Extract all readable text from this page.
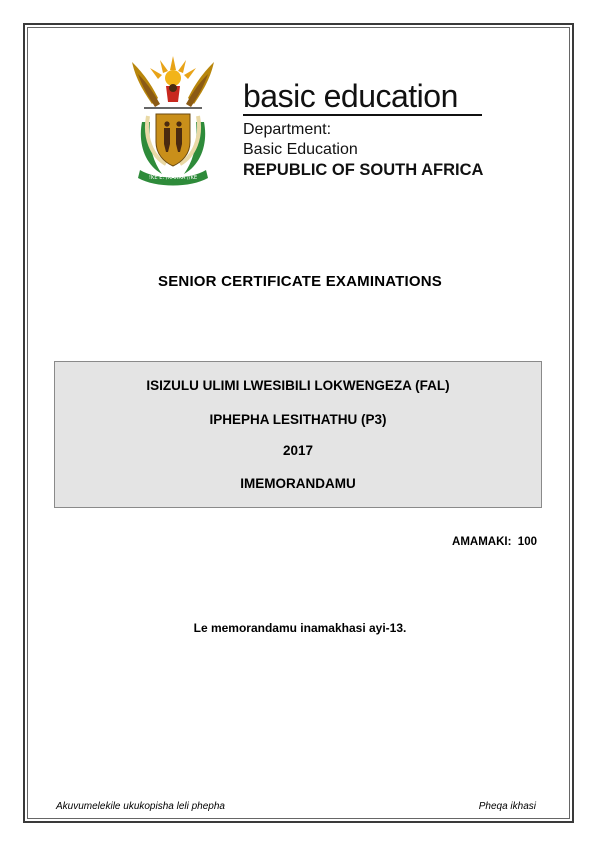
!KE E: /XARRA //KE
basic education
Department:
Basic Education
REPUBLIC OF SOUTH AFRICA
SENIOR CERTIFICATE EXAMINATIONS
ISIZULU ULIMI LWESIBILI LOKWENGEZA (FAL)
IPHEPHA LESITHATHU (P3)
2017
IMEMORANDAMU
AMAMAKI:  100
Le memorandamu inamakhasi ayi-13.
Akuvumelekile ukukopisha leli phepha	Pheqa ikhasi
